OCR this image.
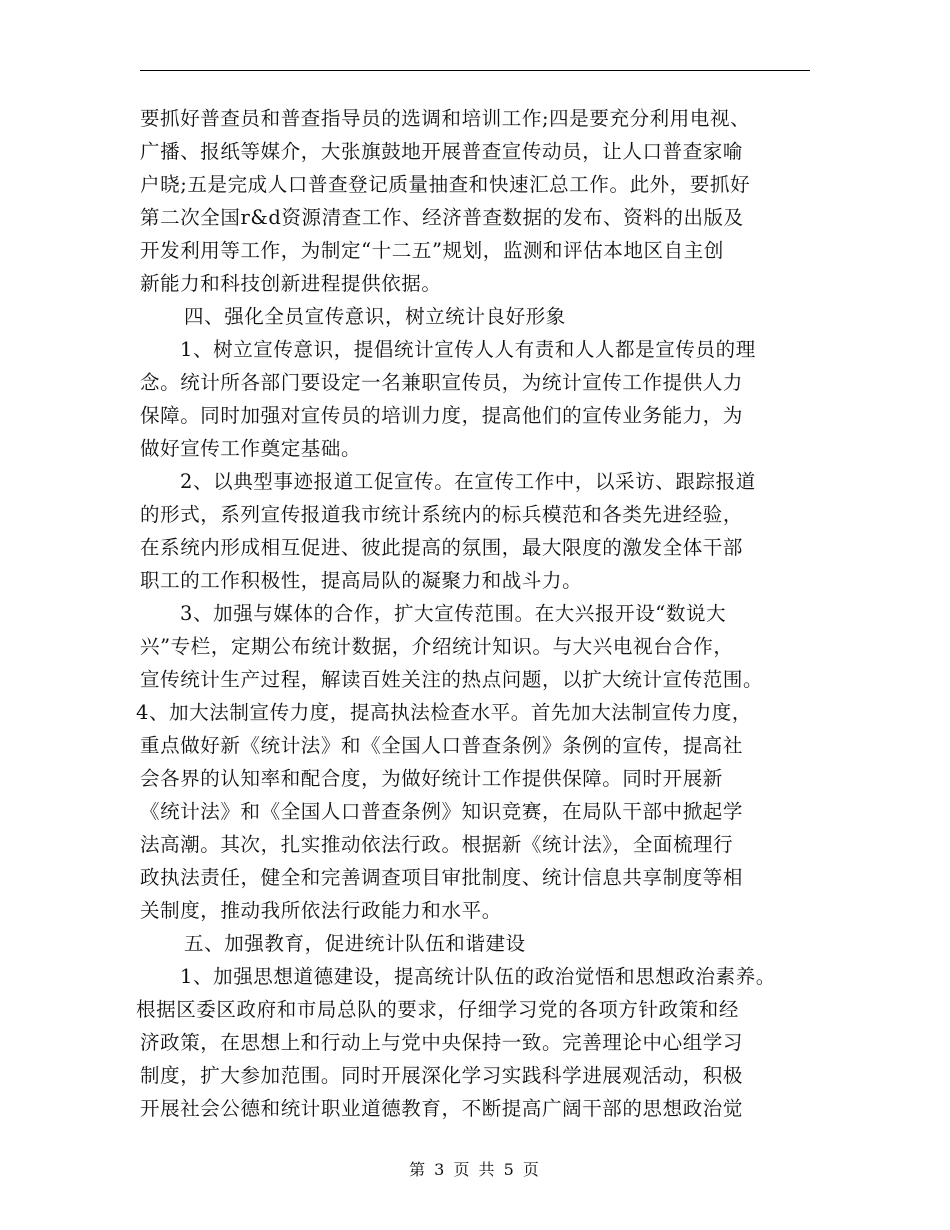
要抓好普查员和普查指导员的选调和培训工作;四是要充分利用电视、
广播、报纸等媒介，大张旗鼓地开展普查宣传动员，让人口普查家喻
户晓;五是完成人口普查登记质量抽查和快速汇总工作。此外，要抓好
第二次全国r&d资源清查工作、经济普查数据的发布、资料的出版及
开发利用等工作，为制定“十二五”规划，监测和评估本地区自主创
新能力和科技创新进程提供依据。
四、强化全员宣传意识，树立统计良好形象
1、树立宣传意识，提倡统计宣传人人有责和人人都是宣传员的理
念。统计所各部门要设定一名兼职宣传员，为统计宣传工作提供人力
保障。同时加强对宣传员的培训力度，提高他们的宣传业务能力，为
做好宣传工作奠定基础。
2、以典型事迹报道工促宣传。在宣传工作中，以采访、跟踪报道
的形式，系列宣传报道我市统计系统内的标兵模范和各类先进经验，
在系统内形成相互促进、彼此提高的氛围，最大限度的激发全体干部
职工的工作积极性，提高局队的凝聚力和战斗力。
3、加强与媒体的合作，扩大宣传范围。在大兴报开设“数说大
兴”专栏，定期公布统计数据，介绍统计知识。与大兴电视台合作，
宣传统计生产过程，解读百姓关注的热点问题，以扩大统计宣传范围。
4、加大法制宣传力度，提高执法检查水平。首先加大法制宣传力度，
重点做好新《统计法》和《全国人口普查条例》条例的宣传，提高社
会各界的认知率和配合度，为做好统计工作提供保障。同时开展新
《统计法》和《全国人口普查条例》知识竞赛，在局队干部中掀起学
法高潮。其次，扎实推动依法行政。根据新《统计法》，全面梳理行
政执法责任，健全和完善调查项目审批制度、统计信息共享制度等相
关制度，推动我所依法行政能力和水平。
五、加强教育，促进统计队伍和谐建设
1、加强思想道德建设，提高统计队伍的政治觉悟和思想政治素养。
根据区委区政府和市局总队的要求，仔细学习党的各项方针政策和经
济政策，在思想上和行动上与党中央保持一致。完善理论中心组学习
制度，扩大参加范围。同时开展深化学习实践科学进展观活动，积极
开展社会公德和统计职业道德教育，不断提高广阔干部的思想政治觉
第 3 页 共 5 页
